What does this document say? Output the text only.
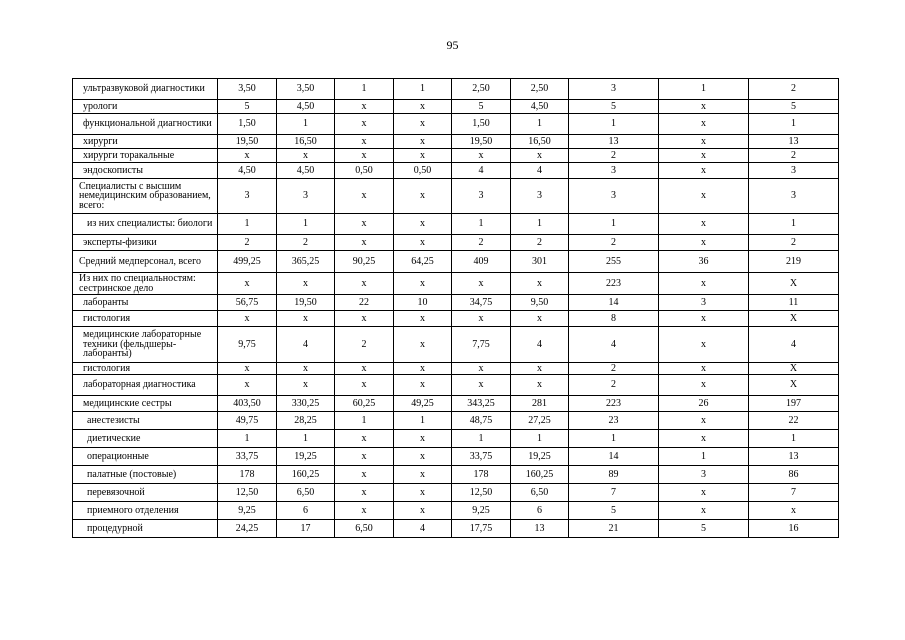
95
ультразвуковой диагностики	3,50	3,50	1	1	2,50	2,50	3	1	2
урологи	5	4,50	х	х	5	4,50	5	х	5
функциональной диагностики	1,50	1	х	х	1,50	1	1	х	1
хирурги	19,50	16,50	х	х	19,50	16,50	13	х	13
хирурги торакальные	х	х	х	х	х	х	2	х	2
эндоскописты	4,50	4,50	0,50	0,50	4	4	3	х	3
Специалисты с высшим немедицинским образованием, всего:	3	3	х	х	3	3	3	х	3
из них специалисты: биологи	1	1	х	х	1	1	1	х	1
эксперты-физики	2	2	х	х	2	2	2	х	2
Средний медперсонал, всего	499,25	365,25	90,25	64,25	409	301	255	36	219
Из них по специальностям: сестринское дело	х	х	х	х	х	х	223	х	Х
лаборанты	56,75	19,50	22	10	34,75	9,50	14	3	11
гистология	х	х	х	х	х	х	8	х	Х
медицинские лабораторные техники (фельдшеры-лаборанты)	9,75	4	2	х	7,75	4	4	х	4
гистология	х	х	х	х	х	х	2	х	Х
лабораторная диагностика	х	х	х	х	х	х	2	х	Х
медицинские сестры	403,50	330,25	60,25	49,25	343,25	281	223	26	197
анестезисты	49,75	28,25	1	1	48,75	27,25	23	х	22
диетические	1	1	х	х	1	1	1	х	1
операционные	33,75	19,25	х	х	33,75	19,25	14	1	13
палатные (постовые)	178	160,25	х	х	178	160,25	89	3	86
перевязочной	12,50	6,50	х	х	12,50	6,50	7	х	7
приемного отделения	9,25	6	х	х	9,25	6	5	х	х
процедурной	24,25	17	6,50	4	17,75	13	21	5	16
